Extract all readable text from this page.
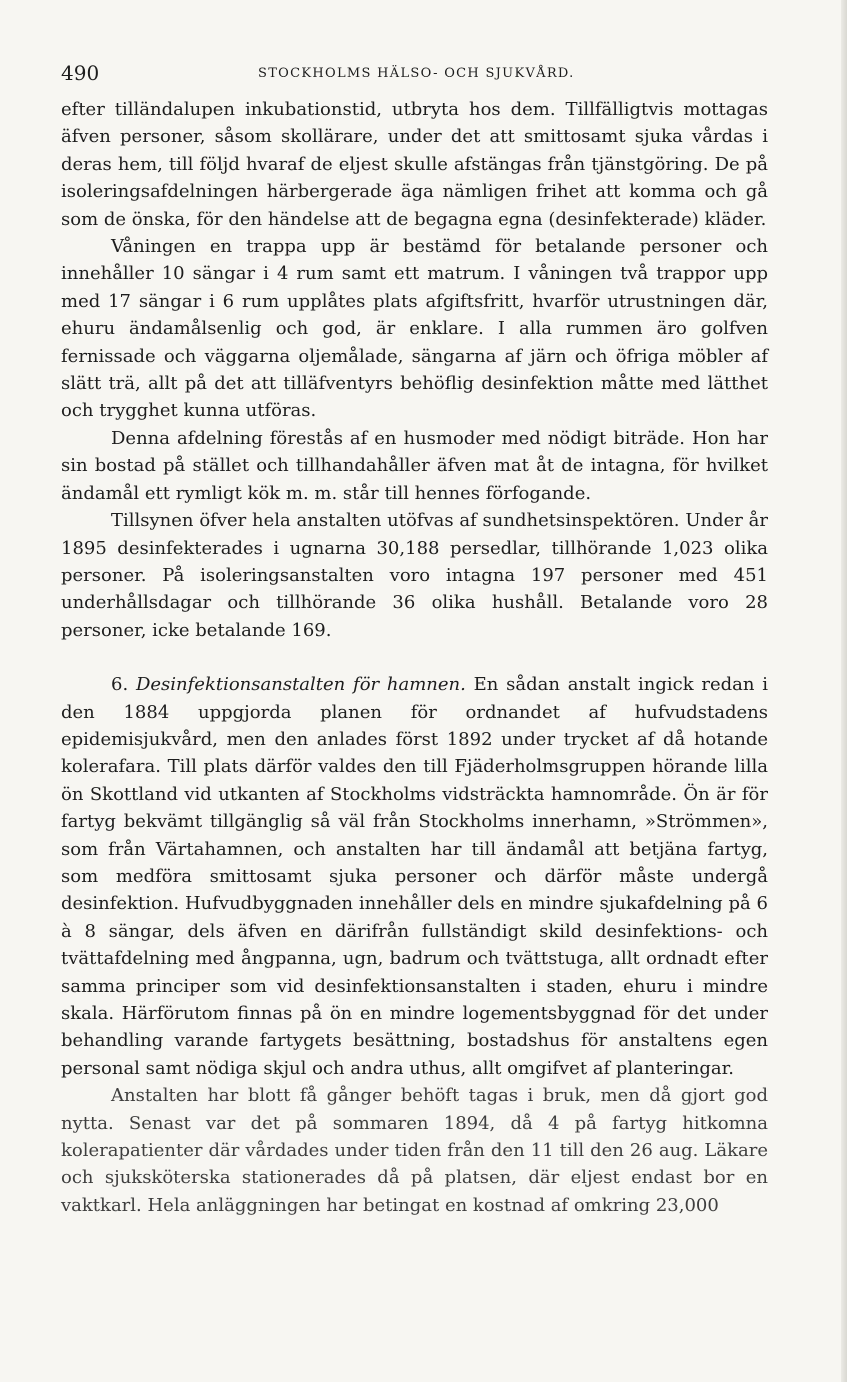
490	STOCKHOLMS HÄLSO- OCH SJUKVÅRD.

efter tilländalupen inkubationstid, utbryta hos dem. Tillfälligtvis mottagas äfven personer, såsom skollärare, under det att smittosamt sjuka vårdas i deras hem, till följd hvaraf de eljest skulle afstängas från tjänstgöring. De på isoleringsafdelningen härbergerade äga nämligen frihet att komma och gå som de önska, för den händelse att de begagna egna (desinfekterade) kläder.

Våningen en trappa upp är bestämd för betalande personer och innehåller 10 sängar i 4 rum samt ett matrum. I våningen två trappor upp med 17 sängar i 6 rum upplåtes plats afgiftsfritt, hvarför utrustningen där, ehuru ändamålsenlig och god, är enklare. I alla rummen äro golfven fernissade och väggarna oljemålade, sängarna af järn och öfriga möbler af slätt trä, allt på det att tilläfventyrs behöflig desinfektion måtte med lätthet och trygghet kunna utföras.

Denna afdelning förestås af en husmoder med nödigt biträde. Hon har sin bostad på stället och tillhandahåller äfven mat åt de intagna, för hvilket ändamål ett rymligt kök m. m. står till hennes förfogande.

Tillsynen öfver hela anstalten utöfvas af sundhetsinspektören. Under år 1895 desinfekterades i ugnarna 30,188 persedlar, tillhörande 1,023 olika personer. På isoleringsanstalten voro intagna 197 personer med 451 underhållsdagar och tillhörande 36 olika hushåll. Betalande voro 28 personer, icke betalande 169.

6. Desinfektionsanstalten för hamnen. En sådan anstalt ingick redan i den 1884 uppgjorda planen för ordnandet af hufvudstadens epidemisjukvård, men den anlades först 1892 under trycket af då hotande kolerafara. Till plats därför valdes den till Fjäderholmsgruppen hörande lilla ön Skottland vid utkanten af Stockholms vidsträckta hamnområde. Ön är för fartyg bekvämt tillgänglig så väl från Stockholms innerhamn, »Strömmen», som från Värtahamnen, och anstalten har till ändamål att betjäna fartyg, som medföra smittosamt sjuka personer och därför måste undergå desinfektion. Hufvudbyggnaden innehåller dels en mindre sjukafdelning på 6 à 8 sängar, dels äfven en därifrån fullständigt skild desinfektions- och tvättafdelning med ångpanna, ugn, badrum och tvättstuga, allt ordnadt efter samma principer som vid desinfektionsanstalten i staden, ehuru i mindre skala. Härförutom finnas på ön en mindre logementsbyggnad för det under behandling varande fartygets besättning, bostadshus för anstaltens egen personal samt nödiga skjul och andra uthus, allt omgifvet af planteringar.

Anstalten har blott få gånger behöft tagas i bruk, men då gjort god nytta. Senast var det på sommaren 1894, då 4 på fartyg hitkomna kolerapatienter där vårdades under tiden från den 11 till den 26 aug. Läkare och sjuksköterska stationerades då på platsen, där eljest endast bor en vaktkarl. Hela anläggningen har betingat en kostnad af omkring 23,000
